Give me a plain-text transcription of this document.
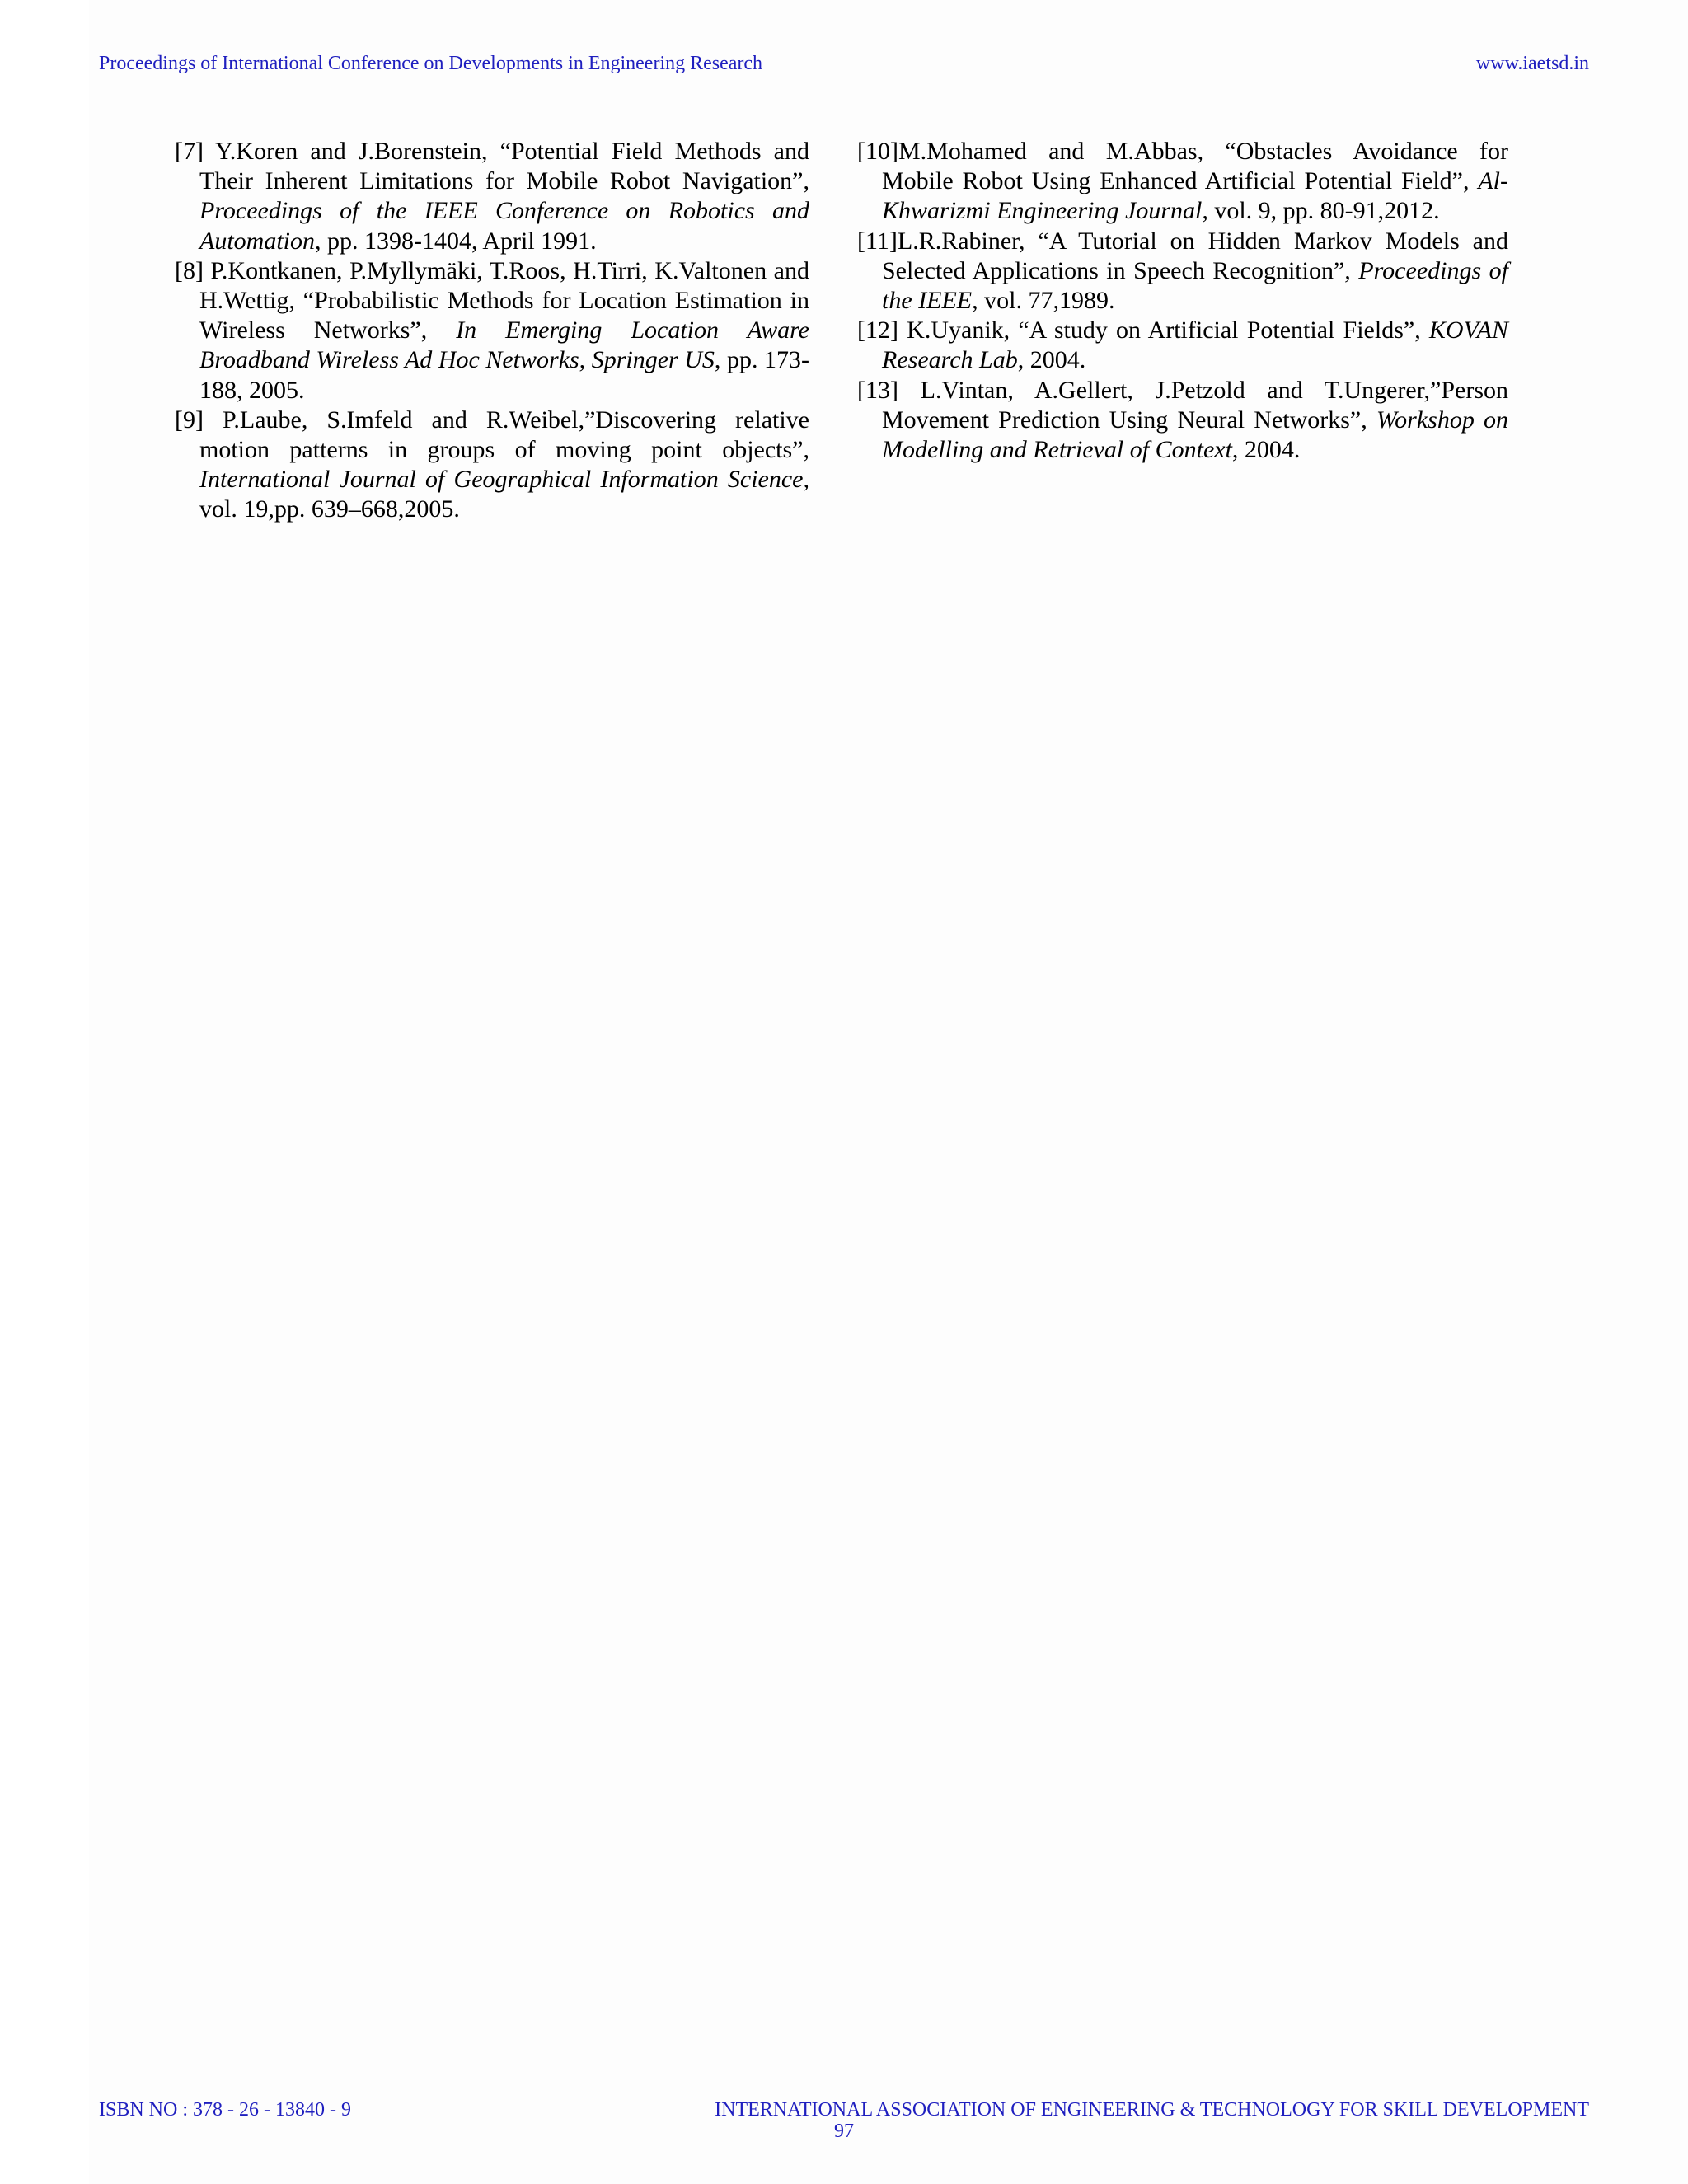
Proceedings of International Conference on Developments in Engineering Research	www.iaetsd.in

[7] Y.Koren and J.Borenstein, “Potential Field Methods and Their Inherent Limitations for Mobile Robot Navigation”, Proceedings of the IEEE Conference on Robotics and Automation, pp. 1398-1404, April 1991.

[8] P.Kontkanen, P.Myllymäki, T.Roos, H.Tirri, K.Valtonen and H.Wettig, “Probabilistic Methods for Location Estimation in Wireless Networks”, In Emerging Location Aware Broadband Wireless Ad Hoc Networks, Springer US, pp. 173-188, 2005.

[9] P.Laube, S.Imfeld and R.Weibel,”Discovering relative motion patterns in groups of moving point objects”, International Journal of Geographical Information Science, vol. 19,pp. 639–668,2005.

[10]M.Mohamed and M.Abbas, “Obstacles Avoidance for Mobile Robot Using Enhanced Artificial Potential Field”, Al-Khwarizmi Engineering Journal, vol. 9, pp. 80-91,2012.

[11]L.R.Rabiner, “A Tutorial on Hidden Markov Models and Selected Applications in Speech Recognition”, Proceedings of the IEEE, vol. 77,1989.

[12] K.Uyanik, “A study on Artificial Potential Fields”, KOVAN Research Lab, 2004.

[13] L.Vintan, A.Gellert, J.Petzold and T.Ungerer,”Person Movement Prediction Using Neural Networks”, Workshop on Modelling and Retrieval of Context, 2004.

ISBN NO : 378 - 26 - 13840 - 9	INTERNATIONAL ASSOCIATION OF ENGINEERING & TECHNOLOGY FOR SKILL DEVELOPMENT
97
